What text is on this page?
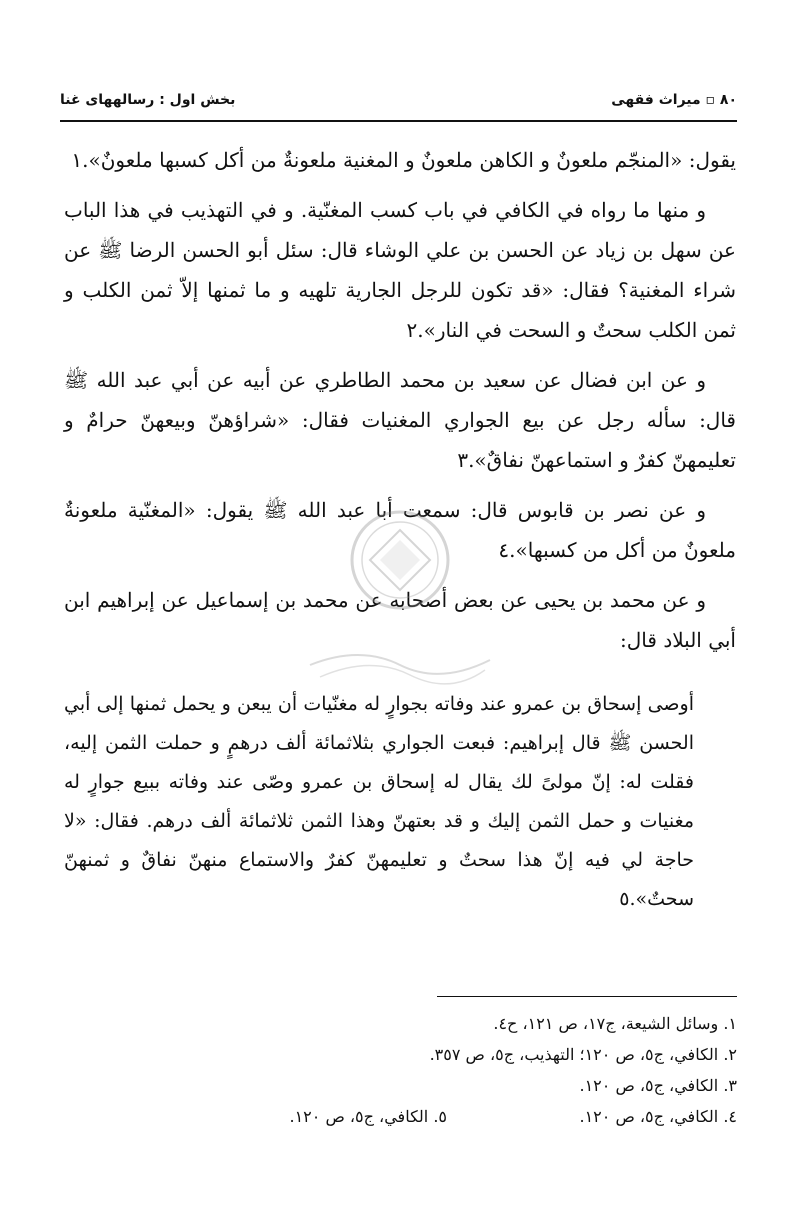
۸۰ ▫ میراث فقهی
بخش اول : رسالههای غنا

يقول: «المنجّم ملعونٌ و الكاهن ملعونٌ و المغنية ملعونةٌ من أكل كسبها ملعونٌ».١

و منها ما رواه في الكافي في باب كسب المغنّية. و في التهذيب في هذا الباب عن سهل بن زياد عن الحسن بن علي الوشاء قال: سئل أبو الحسن الرضا ﷺ عن شراء المغنية؟ فقال: «قد تكون للرجل الجارية تلهيه و ما ثمنها إلاّ ثمن الكلب و ثمن الكلب سحتٌ و السحت في النار».٢

و عن ابن فضال عن سعيد بن محمد الطاطري عن أبيه عن أبي عبد الله ﷺ قال: سأله رجل عن بيع الجواري المغنيات فقال: «شراؤهنّ وبيعهنّ حرامٌ و تعليمهنّ كفرٌ و استماعهنّ نفاقٌ».٣

و عن نصر بن قابوس قال: سمعت أبا عبد الله ﷺ يقول: «المغنّية ملعونةٌ ملعونٌ من أكل من كسبها».٤

و عن محمد بن يحيى عن بعض أصحابه عن محمد بن إسماعيل عن إبراهيم ابن أبي البلاد قال:

أوصى إسحاق بن عمرو عند وفاته بجوارٍ له مغنّيات أن يبعن و يحمل ثمنها إلى أبي الحسن ﷺ قال إبراهيم: فبعت الجواري بثلاثمائة ألف درهمٍ و حملت الثمن إليه، فقلت له: إنّ مولىً لك يقال له إسحاق بن عمرو وصّى عند وفاته ببيع جوارٍ له مغنيات و حمل الثمن إليك و قد بعتهنّ وهذا الثمن ثلاثمائة ألف درهم. فقال: «لا حاجة لي فيه إنّ هذا سحتٌ و تعليمهنّ كفرٌ والاستماع منهنّ نفاقٌ و ثمنهنّ سحتٌ».٥
١. وسائل الشيعة، ج١٧، ص ١٢١، ح٤.
٢. الكافي، ج٥، ص ١٢٠؛ التهذيب، ج٥، ص ٣٥٧.
٣. الكافي، ج٥، ص ١٢٠.
٤. الكافي، ج٥، ص ١٢٠.
٥. الكافي، ج٥، ص ١٢٠.
